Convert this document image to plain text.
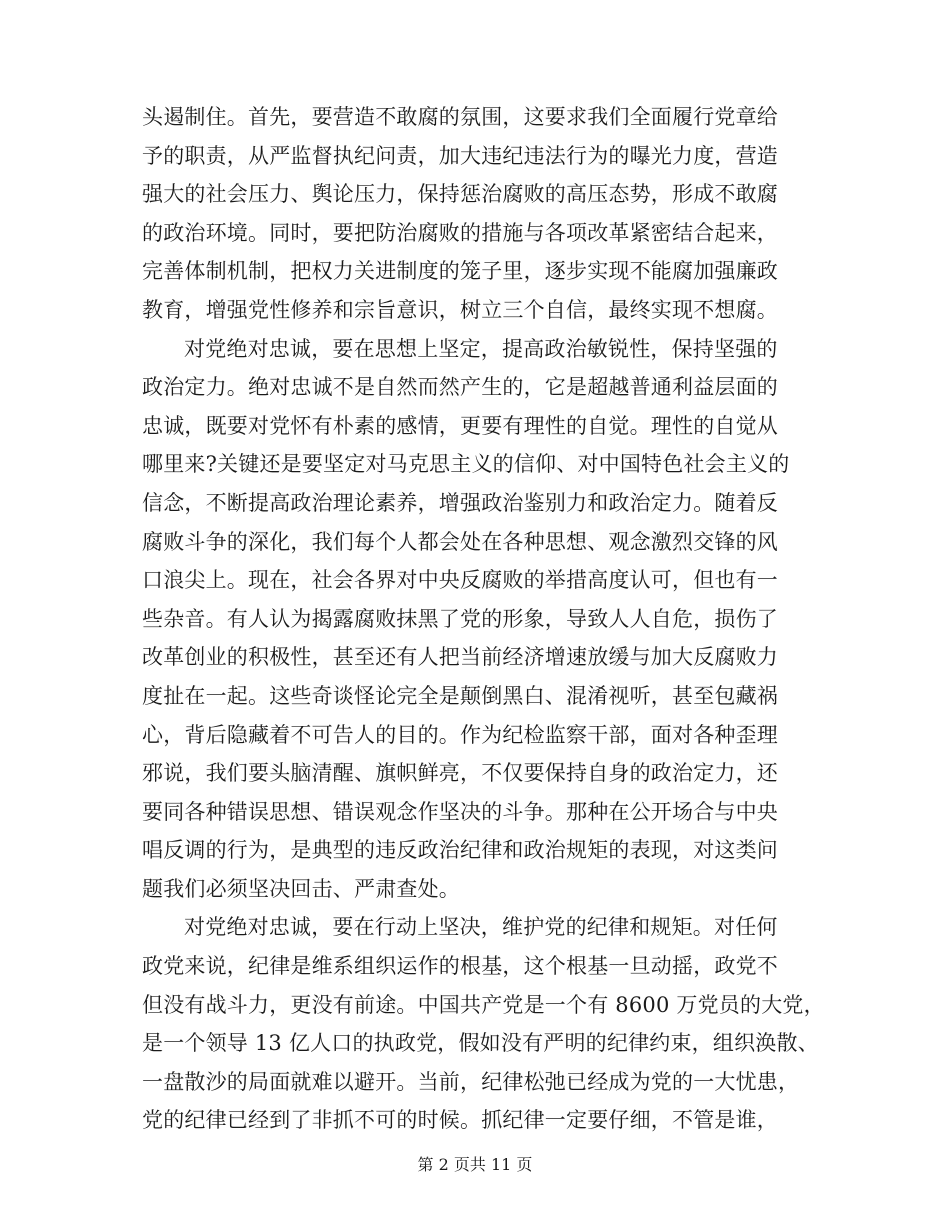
头遏制住。首先，要营造不敢腐的氛围，这要求我们全面履行党章给
予的职责，从严监督执纪问责，加大违纪违法行为的曝光力度，营造
强大的社会压力、舆论压力，保持惩治腐败的高压态势，形成不敢腐
的政治环境。同时，要把防治腐败的措施与各项改革紧密结合起来，
完善体制机制，把权力关进制度的笼子里，逐步实现不能腐加强廉政
教育，增强党性修养和宗旨意识，树立三个自信，最终实现不想腐。
对党绝对忠诚，要在思想上坚定，提高政治敏锐性，保持坚强的
政治定力。绝对忠诚不是自然而然产生的，它是超越普通利益层面的
忠诚，既要对党怀有朴素的感情，更要有理性的自觉。理性的自觉从
哪里来?关键还是要坚定对马克思主义的信仰、对中国特色社会主义的
信念，不断提高政治理论素养，增强政治鉴别力和政治定力。随着反
腐败斗争的深化，我们每个人都会处在各种思想、观念激烈交锋的风
口浪尖上。现在，社会各界对中央反腐败的举措高度认可，但也有一
些杂音。有人认为揭露腐败抹黑了党的形象，导致人人自危，损伤了
改革创业的积极性，甚至还有人把当前经济增速放缓与加大反腐败力
度扯在一起。这些奇谈怪论完全是颠倒黑白、混淆视听，甚至包藏祸
心，背后隐藏着不可告人的目的。作为纪检监察干部，面对各种歪理
邪说，我们要头脑清醒、旗帜鲜亮，不仅要保持自身的政治定力，还
要同各种错误思想、错误观念作坚决的斗争。那种在公开场合与中央
唱反调的行为，是典型的违反政治纪律和政治规矩的表现，对这类问
题我们必须坚决回击、严肃查处。
对党绝对忠诚，要在行动上坚决，维护党的纪律和规矩。对任何
政党来说，纪律是维系组织运作的根基，这个根基一旦动摇，政党不
但没有战斗力，更没有前途。中国共产党是一个有 8600 万党员的大党，
是一个领导 13 亿人口的执政党，假如没有严明的纪律约束，组织涣散、
一盘散沙的局面就难以避开。当前，纪律松弛已经成为党的一大忧患，
党的纪律已经到了非抓不可的时候。抓纪律一定要仔细，不管是谁，
第 2 页共 11 页
